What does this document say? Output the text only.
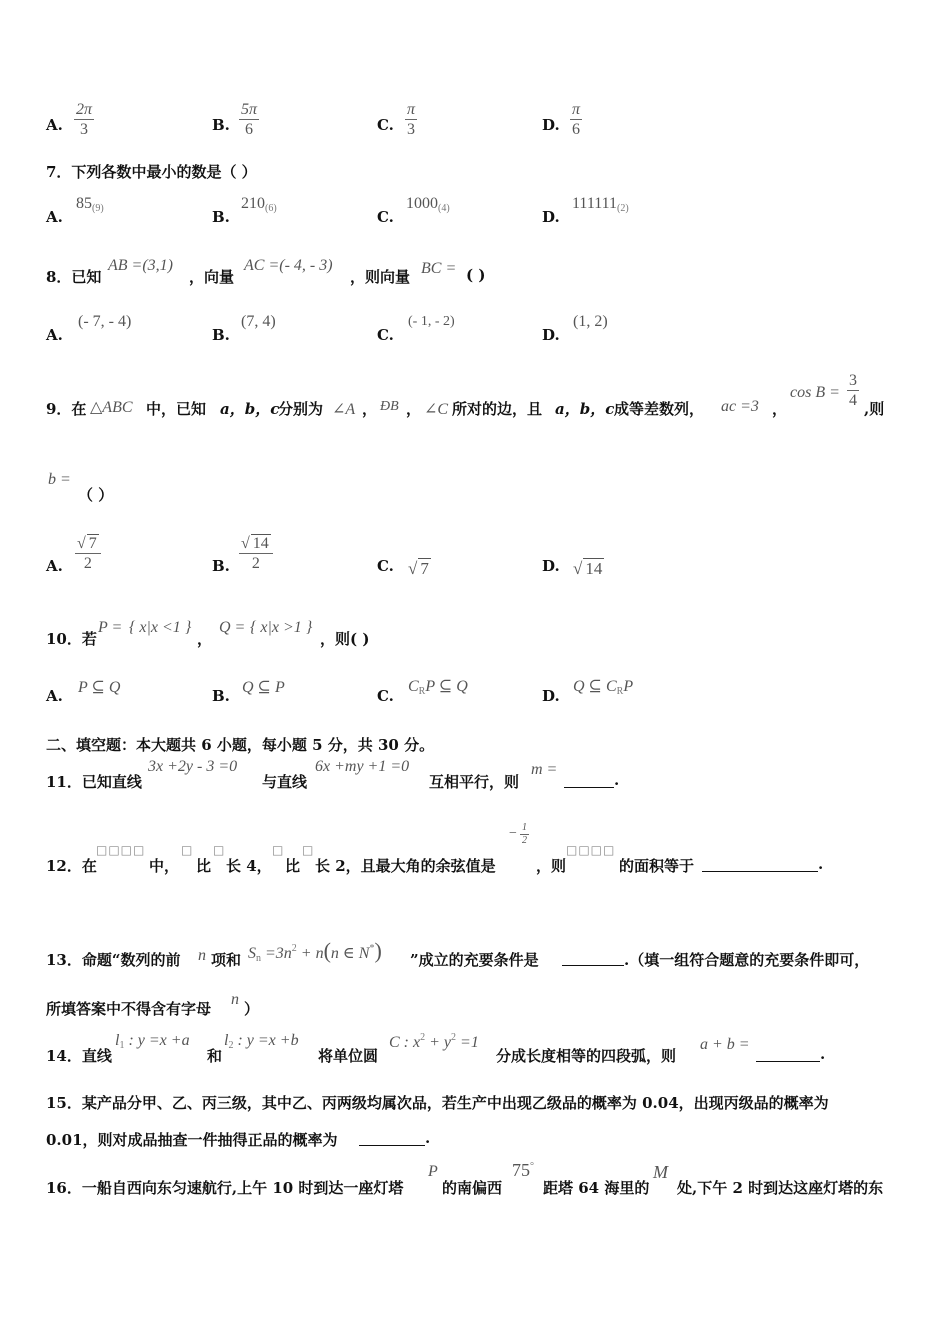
A. $\frac{2\pi}{3}$	B. $\frac{5\pi}{6}$	C. $\frac{\pi}{3}$	D. $\frac{\pi}{6}$
7．下列各数中最小的数是（ ）
A.
$85_{(9)}$	B.
$210_{(6)}$	C.
$1000_{(4)}$	D.
$111111_{(2)}$
8．已知
AB =(3,1)
，向量
AC =(- 4, - 3)
，则向量 BC = ( )
A.
(- 7, - 4)
B.
(7, 4)
C.
(- 1, - 2)
D.
(1, 2)
9．在 △ABC 中，已知 a，b，c
分别为 ∠A ， ÐB ， ∠C 所对的边，且 a，b，c 成等差数列， ac =3 ，
$\cos B = \frac{3}{4}$ ,则
b =
（ ）
A. $\frac{√ 7}{2}$	B. $\frac{√ 14}{2}$	C. √ 7	D. √ 14
10．若
P = { x|x <1 }
，
Q = { x|x >1 }
，则( )
A. P ⊆ Q	B. Q ⊆ P	C.
$C_RP$ ⊆ Q
D.
Q ⊆ $C_RP$
二、填空题：本大题共 6 小题，每小题 5 分，共 30 分。
11．已知直线
3x +2y - 3 =0
与直线
6x +my +1 =0
互相平行，则
m =
.
12．在
□□□□
中，
□
比
□
长 4，
□
比
□
长 2，且最大角的余弦值是
− $\frac{1}{2}$
，则
□□□□
的面积等于	.
13．命题“数列的前 n 项和 $S_n =3n^2 + n(n$ ∈ N*) ”成立的充要条件是	.（填一组符合题意的充要条件即可，
所填答案中不得含有字母
n
）
14．直线
$l_1$ : y =x +a
和
$l_2$ : y =x +b
将单位圆
C : $x^2 + y^2 =1$
分成长度相等的四段弧，则
a + b =
.
15．某产品分甲、乙、丙三级，其中乙、丙两级均属次品，若生产中出现乙级品的概率为 0.04，出现丙级品的概率为
0.01，则对成品抽查一件抽得正品的概率为	.
16．一船自西向东匀速航行,上午 10 时到达一座灯塔
P
的南偏西
75°
距塔 64 海里的
M
处,下午 2 时到达这座灯塔的东
